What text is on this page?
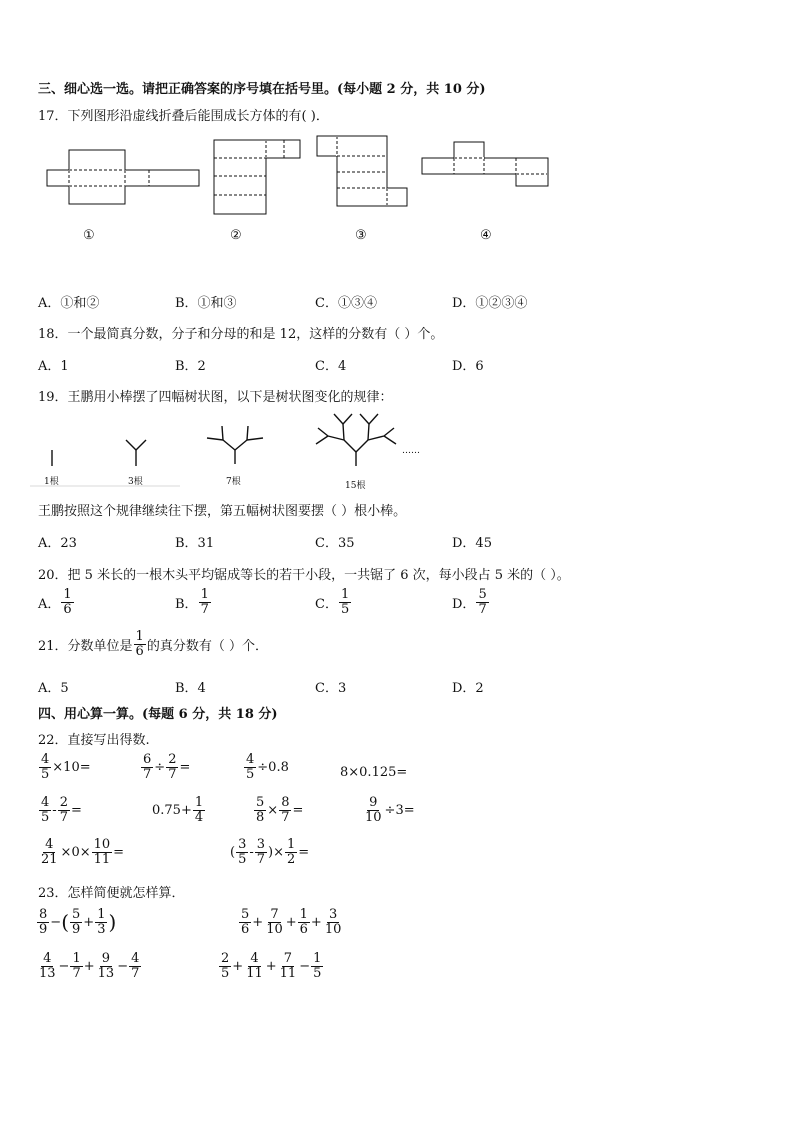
三、细心选一选。请把正确答案的序号填在括号里。(每小题 2 分，共 10 分)
17．下列图形沿虚线折叠后能围成长方体的有( )．
①	②	③	④
A．①和②	B．①和③	C．①③④	D．①②③④
18．一个最简真分数，分子和分母的和是 12，这样的分数有（ ）个。
A．1	B．2	C．4	D．6
19．王鹏用小棒摆了四幅树状图，以下是树状图变化的规律：
1根	3根	7根	15根
……
王鹏按照这个规律继续往下摆，第五幅树状图要摆（ ）根小棒。
A．23	B．31	C．35	D．45
20．把 5 米长的一根木头平均锯成等长的若干小段，一共锯了 6 次，每小段占 5 米的（ ）。
A． $\frac{1}{6}$	B． $\frac{1}{7}$	C． $\frac{1}{5}$	D． $\frac{5}{7}$
21．分数单位是 $\frac{1}{6}$ 的真分数有（ ）个．
A．5	B．4	C．3	D．2
四、用心算一算。(每题 6 分，共 18 分)
22．直接写出得数.
$\frac{4}{5} \times 10=$	$\frac{6}{7} \div \frac{2}{7}$ =	$\frac{4}{5} \div 0.8$	8×0.125=
$\frac{4}{5} - \frac{2}{7}$ =	$0.75+ \frac{1}{4}$	$\frac{5}{8} \times \frac{8}{7}$ =	$\frac{9}{10} \div 3=$
$\frac{4}{21} \times 0\times \frac{10}{11}$ =	( $\frac{3}{5} - \frac{3}{7}$ )× $\frac{1}{2}$ =
23．怎样简便就怎样算．
$\frac{8}{9}$ − ( $\frac{5}{9} + \frac{1}{3}$ )	$\frac{5}{6} + \frac{7}{10} + \frac{1}{6} + \frac{3}{10}$
$\frac{4}{13} - \frac{1}{7} + \frac{9}{13} - \frac{4}{7}$	$\frac{2}{5} + \frac{4}{11} + \frac{7}{11} - \frac{1}{5}$
